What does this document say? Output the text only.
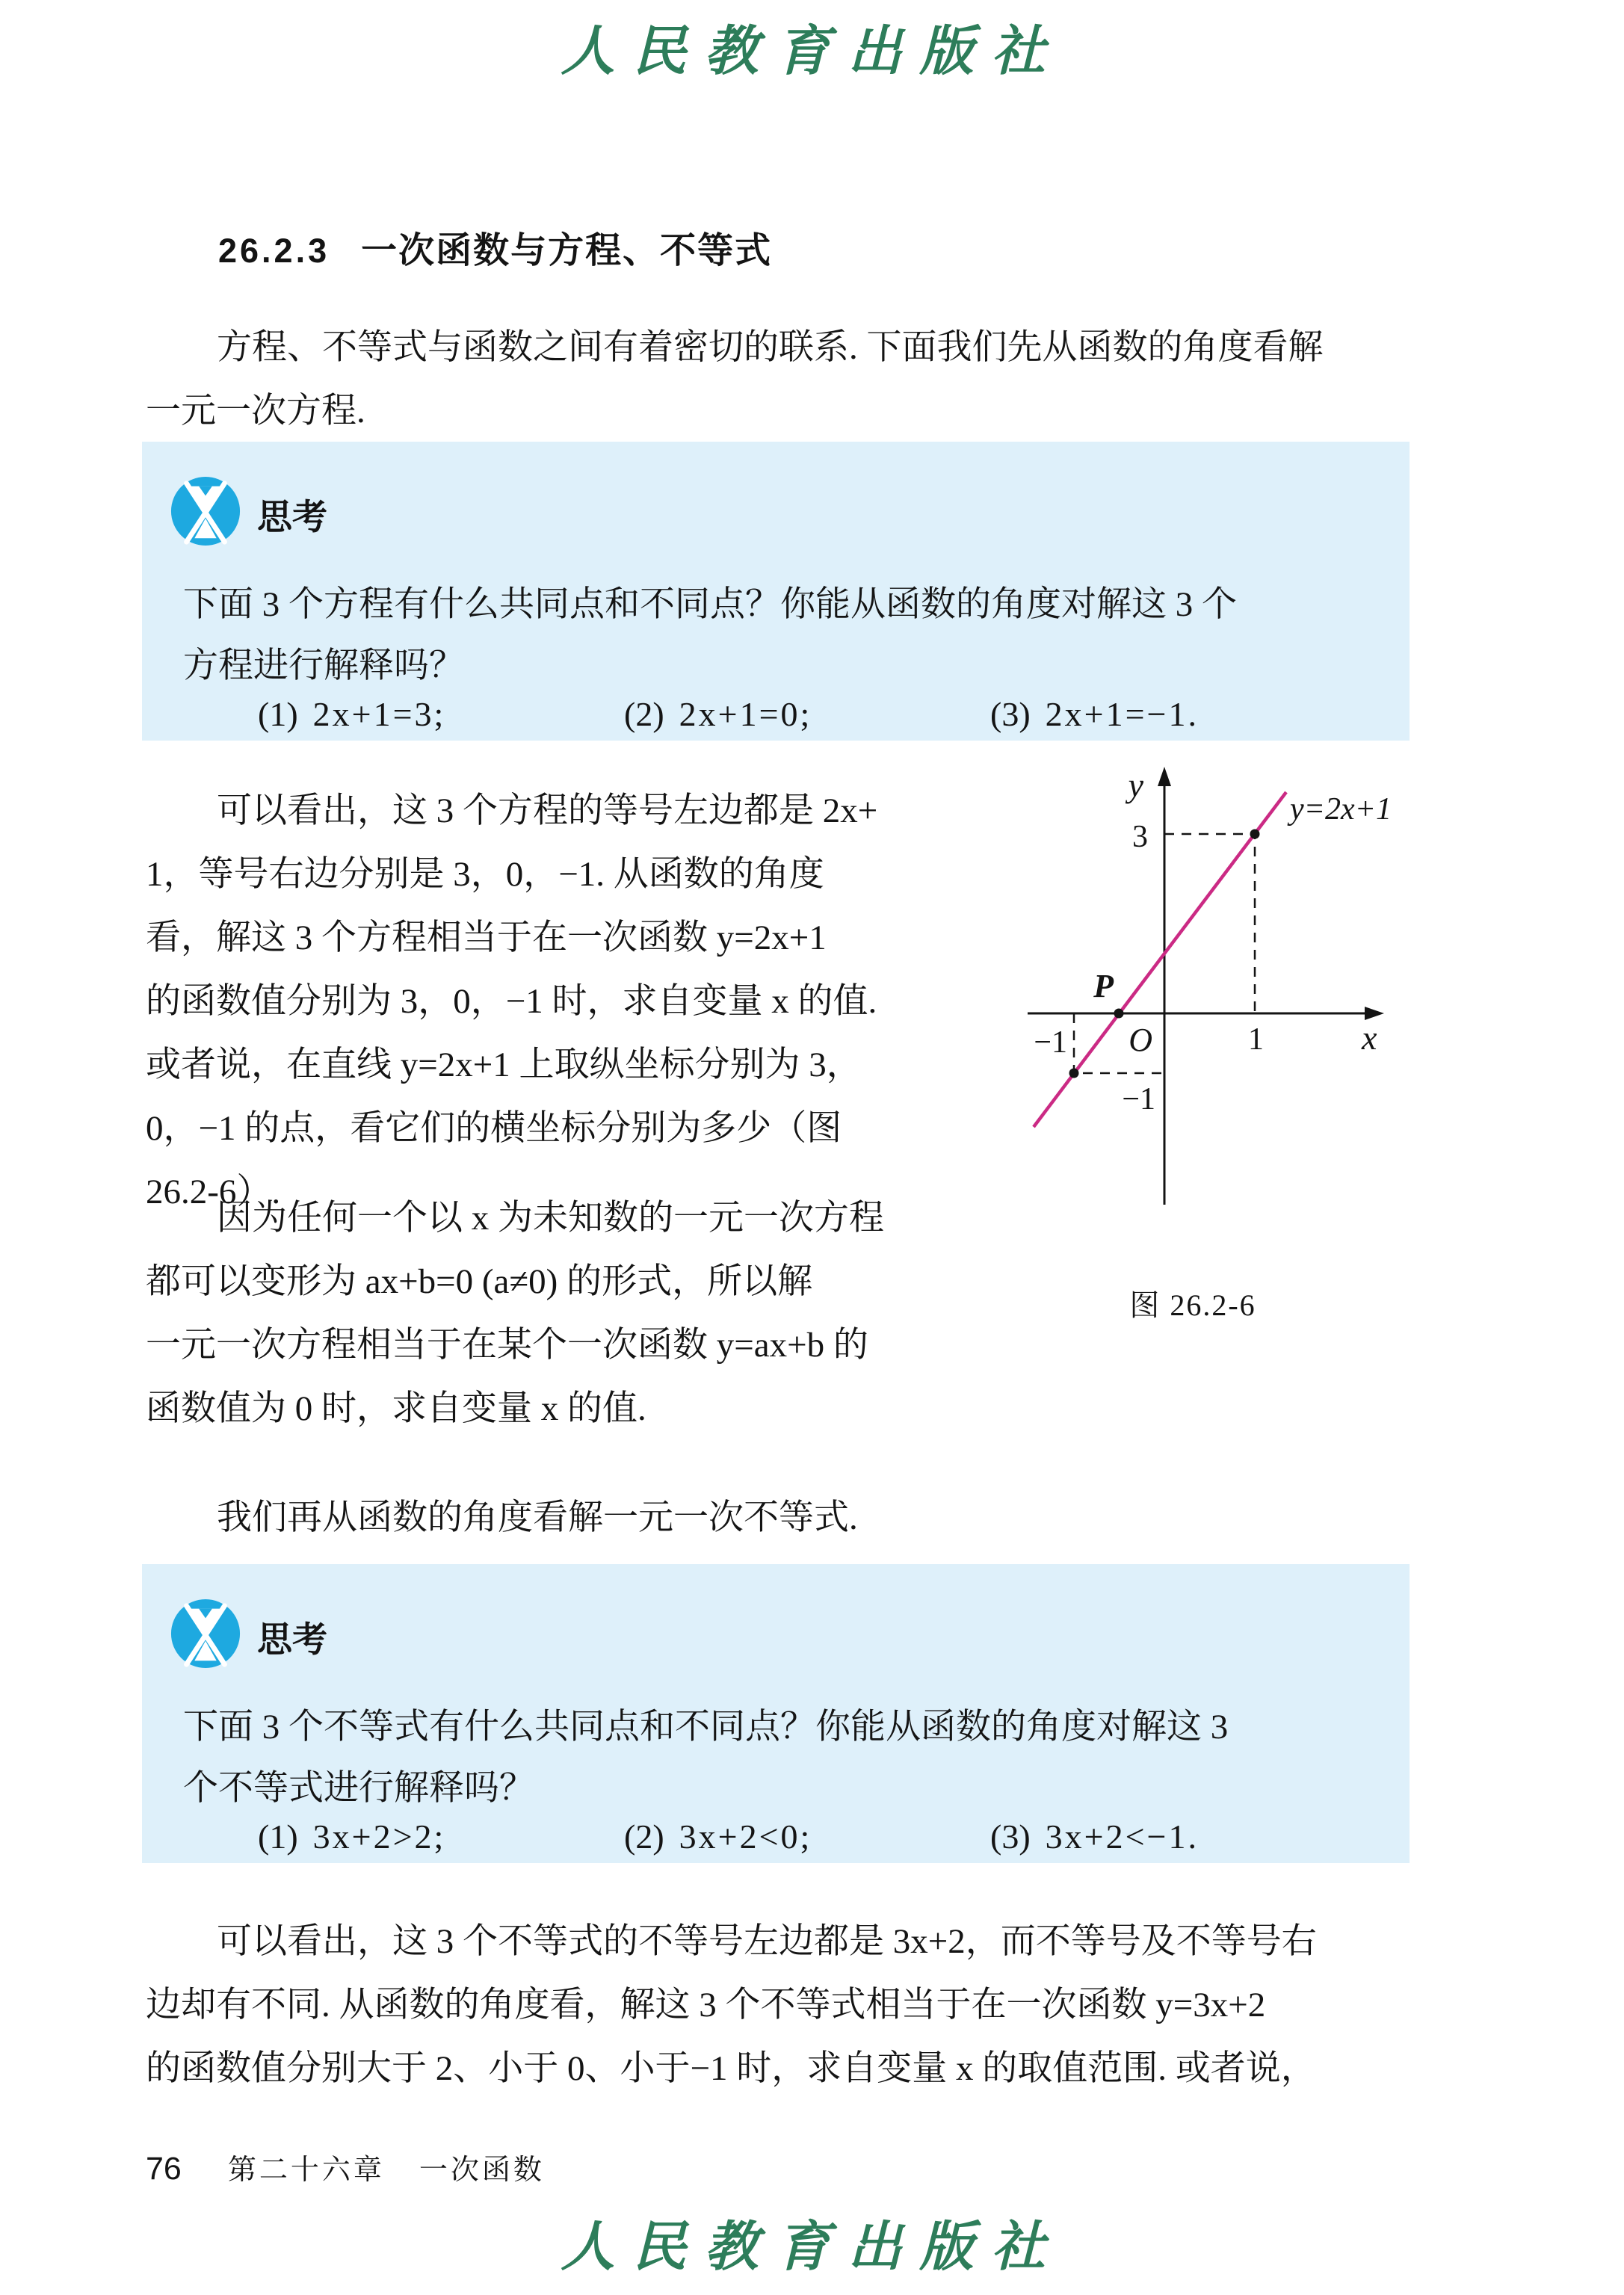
人民教育出版社
26.2.3 一次函数与方程、不等式
方程、不等式与函数之间有着密切的联系. 下面我们先从函数的角度看解
一元一次方程.
思考
下面 3 个方程有什么共同点和不同点？你能从函数的角度对解这 3 个
方程进行解释吗？
(1) 2x+1=3;	(2) 2x+1=0;	(3) 2x+1=−1.
可以看出，这 3 个方程的等号左边都是 2x+
1，等号右边分别是 3，0，−1. 从函数的角度
看，解这 3 个方程相当于在一次函数 y=2x+1
的函数值分别为 3，0，−1 时，求自变量 x 的值.
或者说，在直线 y=2x+1 上取纵坐标分别为 3，
0，−1 的点，看它们的横坐标分别为多少（图
26.2-6）.
因为任何一个以 x 为未知数的一元一次方程
都可以变形为 ax+b=0 (a≠0) 的形式，所以解
一元一次方程相当于在某个一次函数 y=ax+b 的
函数值为 0 时，求自变量 x 的值.
y
x
O
3
1
−1
−1
P
y=2x+1
图 26.2-6
我们再从函数的角度看解一元一次不等式.
思考
下面 3 个不等式有什么共同点和不同点？你能从函数的角度对解这 3
个不等式进行解释吗？
(1) 3x+2>2;	(2) 3x+2<0;	(3) 3x+2<−1.
可以看出，这 3 个不等式的不等号左边都是 3x+2，而不等号及不等号右
边却有不同. 从函数的角度看，解这 3 个不等式相当于在一次函数 y=3x+2
的函数值分别大于 2、小于 0、小于−1 时，求自变量 x 的取值范围. 或者说，
76 第二十六章 一次函数
人民教育出版社
